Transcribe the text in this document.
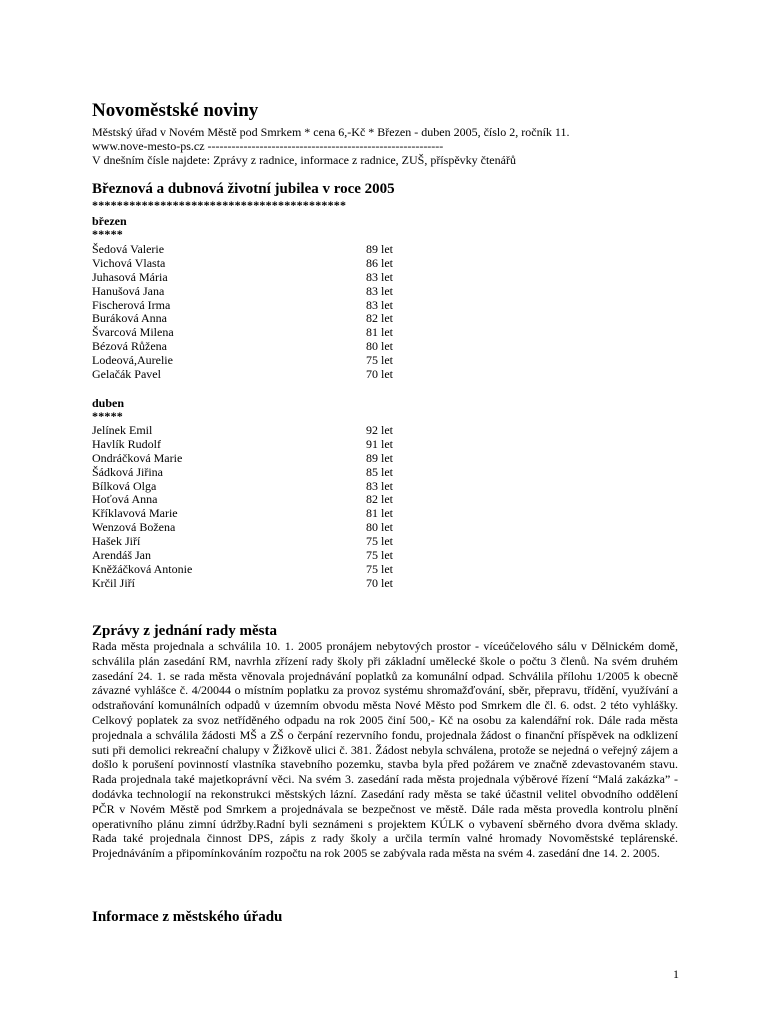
Novoměstské noviny
Městský úřad v Novém Městě pod Smrkem * cena 6,-Kč * Březen - duben 2005, číslo 2, ročník 11.
www.nove-mesto-ps.cz -----------------------------------------------------------
V dnešním čísle najdete: Zprávy z radnice, informace z radnice, ZUŠ, příspěvky čtenářů
Březnová a dubnová životní jubilea v roce 2005
*****************************************
březen
*****
Šedová Valerie	89 let
Vichová Vlasta	86 let
Juhasová Mária	83 let
Hanušová Jana	83 let
Fischerová Irma	83 let
Buráková Anna	82 let
Švarcová Milena	81 let
Bézová Růžena	80 let
Lodeová,Aurelie	75 let
Gelačák Pavel	70 let
duben
*****
Jelínek Emil	92 let
Havlík Rudolf	91 let
Ondráčková Marie	89 let
Šádková Jiřina	85 let
Bílková Olga	83 let
Hoťová Anna	82 let
Kříklavová Marie	81 let
Wenzová Božena	80 let
Hašek Jiří	75 let
Arendáš Jan	75 let
Kněžáčková Antonie	75 let
Krčil Jiří	70 let
Zprávy z jednání rady města
Rada města projednala a schválila 10. 1. 2005 pronájem nebytových prostor - víceúčelového sálu v Dělnickém domě, schválila plán zasedání RM, navrhla zřízení rady školy při základní umělecké škole o počtu 3 členů. Na svém druhém zasedání 24. 1. se rada města věnovala projednávání poplatků za komunální odpad. Schválila přílohu 1/2005 k obecně závazné vyhlášce č. 4/20044 o místním poplatku za provoz systému shromažďování, sběr, přepravu, třídění, využívání a odstraňování komunálních odpadů v územním obvodu města Nové Město pod Smrkem dle čl. 6. odst. 2 této vyhlášky. Celkový poplatek za svoz netříděného odpadu na rok 2005 činí 500,- Kč na osobu za kalendářní rok. Dále rada města projednala a schválila žádosti MŠ a ZŠ o čerpání rezervního fondu, projednala žádost o finanční příspěvek na odklizení suti při demolici rekreační chalupy v Žižkově ulici č. 381. Žádost nebyla schválena, protože se nejedná o veřejný zájem a došlo k porušení povinností vlastníka stavebního pozemku, stavba byla před požárem ve značně zdevastovaném stavu. Rada projednala také majetkoprávní věci. Na svém 3. zasedání rada města projednala výběrové řízení “Malá zakázka” - dodávka technologií na rekonstrukci městských lázní. Zasedání rady města se také účastnil velitel obvodního oddělení PČR v Novém Městě pod Smrkem a projednávala se bezpečnost ve městě. Dále rada města provedla kontrolu plnění operativního plánu zimní údržby.Radní byli seznámeni s projektem KÚLK o vybavení sběrného dvora dvěma sklady. Rada také projednala činnost DPS, zápis z rady školy a určila termín valné hromady Novoměstské teplárenské. Projednáváním a připomínkováním rozpočtu na rok 2005 se zabývala rada města na svém 4. zasedání dne 14. 2. 2005.
Informace z městského úřadu
1
